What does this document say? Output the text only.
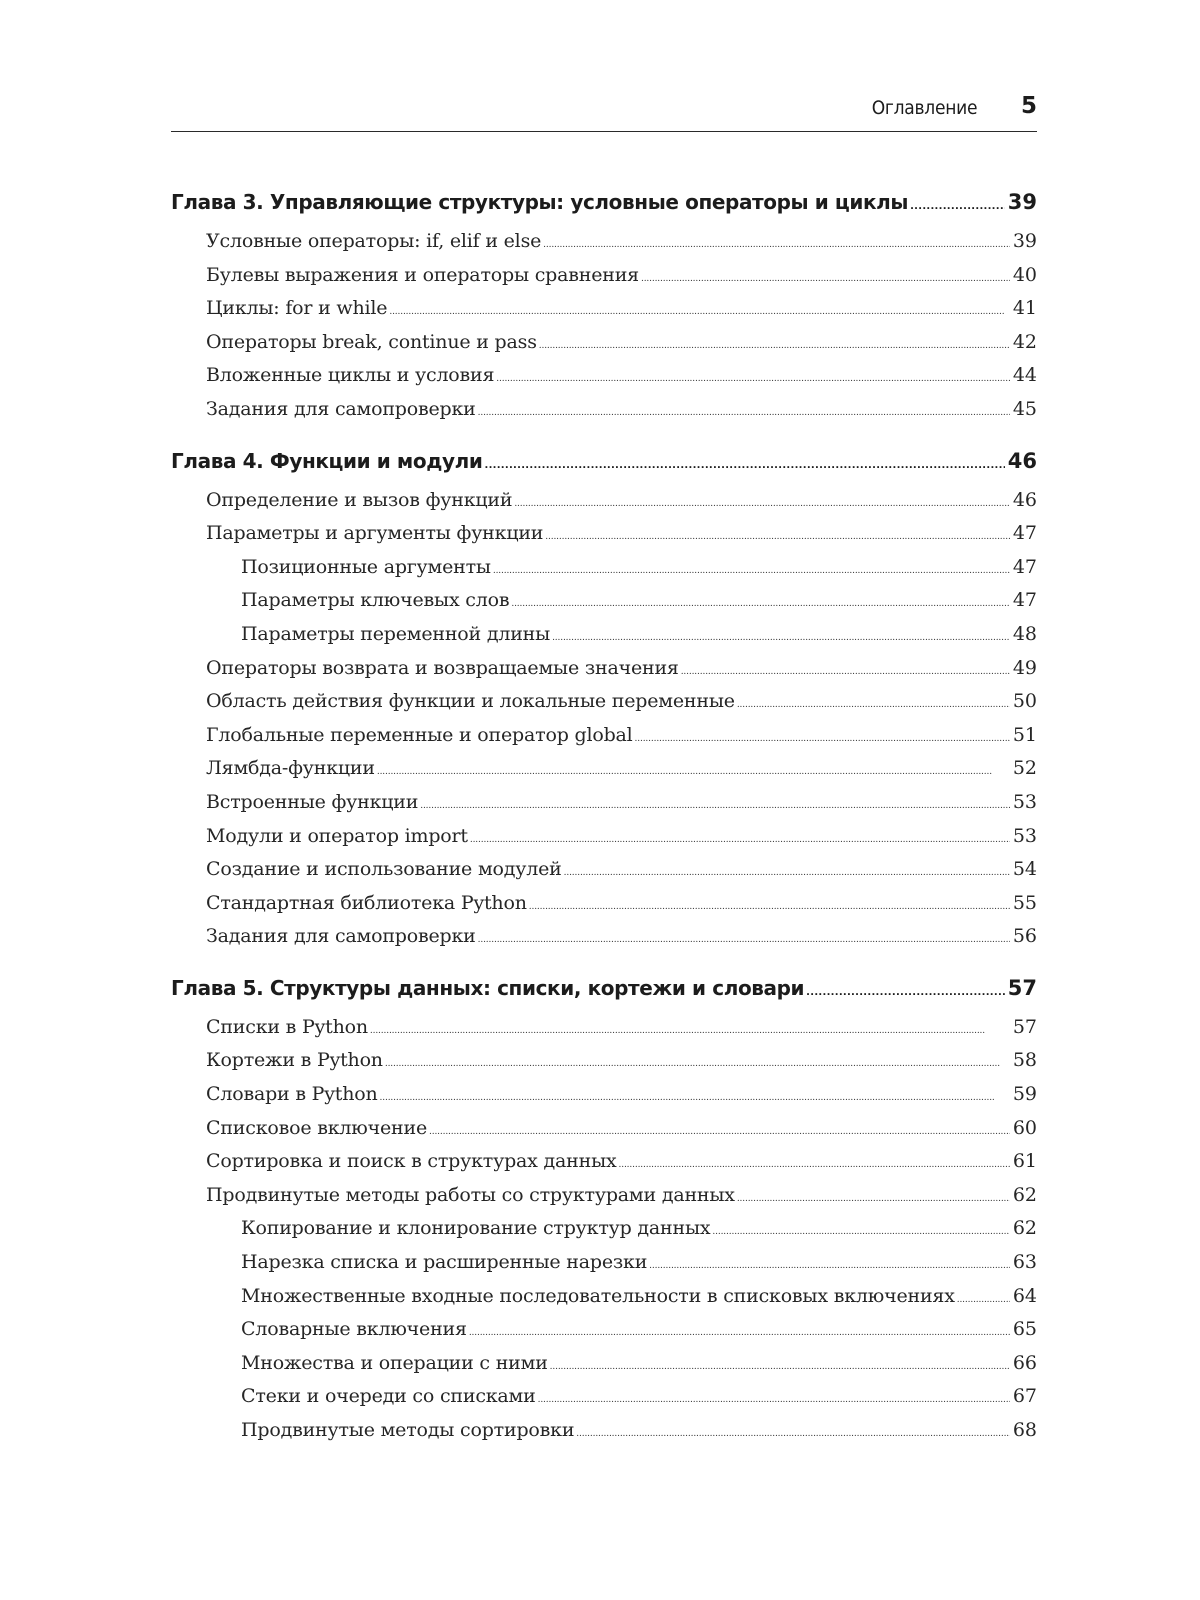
Оглавление 5
Глава 3. Управляющие структуры: условные операторы и циклы . . .	39
Условные операторы: if, elif и else . . .	39
Булевы выражения и операторы сравнения . . .	40
Циклы: for и while . . .	41
Операторы break, continue и pass . . .	42
Вложенные циклы и условия . . .	44
Задания для самопроверки . . .	45
Глава 4. Функции и модули . . .	46
Определение и вызов функций . . .	46
Параметры и аргументы функции . . .	47
Позиционные аргументы . . .	47
Параметры ключевых слов . . .	47
Параметры переменной длины . . .	48
Операторы возврата и возвращаемые значения . . .	49
Область действия функции и локальные переменные . . .	50
Глобальные переменные и оператор global . . .	51
Лямбда-функции . . .	52
Встроенные функции . . .	53
Модули и оператор import . . .	53
Создание и использование модулей . . .	54
Стандартная библиотека Python . . .	55
Задания для самопроверки . . .	56
Глава 5. Структуры данных: списки, кортежи и словари . . .	57
Списки в Python . . .	57
Кортежи в Python . . .	58
Словари в Python . . .	59
Списковое включение . . .	60
Сортировка и поиск в структурах данных . . .	61
Продвинутые методы работы со структурами данных . . .	62
Копирование и клонирование структур данных . . .	62
Нарезка списка и расширенные нарезки . . .	63
Множественные входные последовательности в списковых включениях . . .	64
Словарные включения . . .	65
Множества и операции с ними . . .	66
Стеки и очереди со списками . . .	67
Продвинутые методы сортировки . . .	68
